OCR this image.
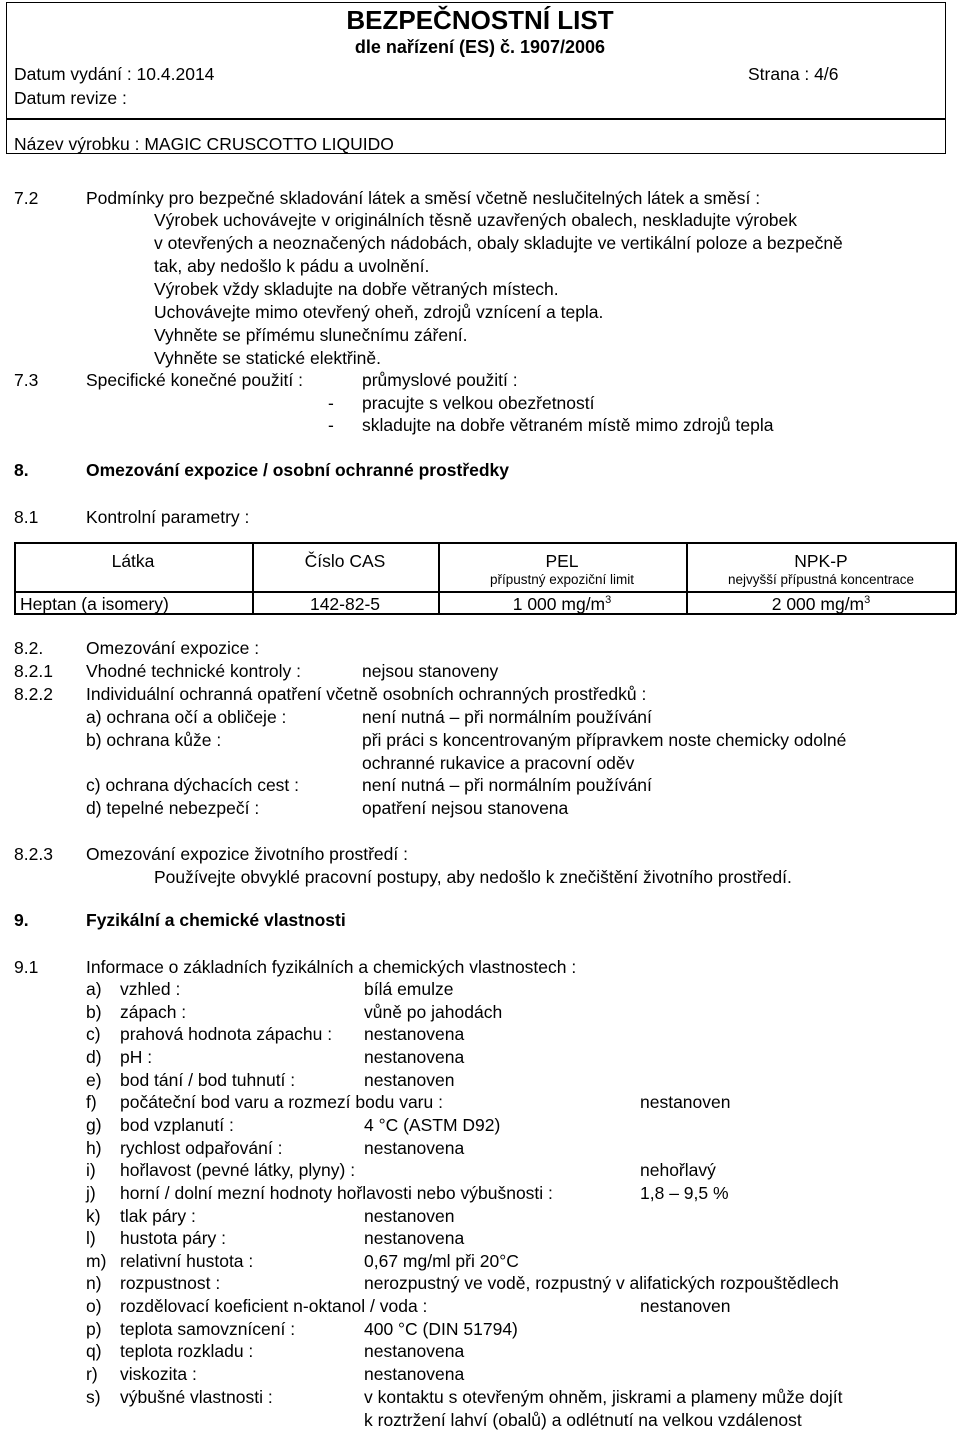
BEZPEČNOSTNÍ LIST
dle nařízení (ES) č. 1907/2006
Datum vydání : 10.4.2014	Strana : 4/6
Datum revize :
Název výrobku : MAGIC CRUSCOTTO LIQUIDO
7.2	Podmínky pro bezpečné skladování látek a směsí včetně neslučitelných látek a směsí :
Výrobek uchovávejte v originálních těsně uzavřených obalech, neskladujte výrobek
v otevřených a neoznačených nádobách, obaly skladujte ve vertikální poloze a bezpečně
tak, aby nedošlo k pádu a uvolnění.
Výrobek vždy skladujte na dobře větraných místech.
Uchovávejte mimo otevřený oheň, zdrojů vznícení a tepla.
Vyhněte se přímému slunečnímu záření.
Vyhněte se statické elektřině.
7.3	Specifické konečné použití :	průmyslové použití :
- pracujte s velkou obezřetností
- skladujte na dobře větraném místě mimo zdrojů tepla
8.	Omezování expozice / osobní ochranné prostředky
8.1	Kontrolní parametry :
Látka	Číslo CAS	PEL	NPK-P
přípustný expoziční limit	nejvyšší přípustná koncentrace
Heptan (a isomery)	142-82-5	1 000 $mg/m^3$	2 000 $mg/m^3$
8.2. Omezování expozice :
8.2.1 Vhodné technické kontroly :	nejsou stanoveny
8.2.2 Individuální ochranná opatření včetně osobních ochranných prostředků :
a) ochrana očí a obličeje :	není nutná – při normálním používání
b) ochrana kůže :	při práci s koncentrovaným přípravkem noste chemicky odolné
ochranné rukavice a pracovní oděv
c) ochrana dýchacích cest :	není nutná – při normálním používání
d) tepelné nebezpečí :	opatření nejsou stanovena
8.2.3 Omezování expozice životního prostředí :
Používejte obvyklé pracovní postupy, aby nedošlo k znečištění životního prostředí.
9.	Fyzikální a chemické vlastnosti
9.1	Informace o základních fyzikálních a chemických vlastnostech :
a) vzhled :	bílá emulze
b) zápach :	vůně po jahodách
c) prahová hodnota zápachu : nestanovena
d) pH :	nestanovena
e) bod tání / bod tuhnutí :	nestanoven
f) počáteční bod varu a rozmezí bodu varu :	nestanoven
g) bod vzplanutí :	4 °C (ASTM D92)
h) rychlost odpařování :	nestanovena
i) hořlavost (pevné látky, plyny) :	nehořlavý
j) horní / dolní mezní hodnoty hořlavosti nebo výbušnosti :	1,8 – 9,5 %
k) tlak páry :	nestanoven
l) hustota páry :	nestanovena
m) relativní hustota :	0,67 mg/ml při 20°C
n) rozpustnost :	nerozpustný ve vodě, rozpustný v alifatických rozpouštědlech
o) rozdělovací koeficient n-oktanol / voda :	nestanoven
p) teplota samovznícení :	400 °C (DIN 51794)
q) teplota rozkladu :	nestanovena
r) viskozita :	nestanovena
s) výbušné vlastnosti :	v kontaktu s otevřeným ohněm, jiskrami a plameny může dojít
k roztržení lahví (obalů) a odlétnutí na velkou vzdálenost
